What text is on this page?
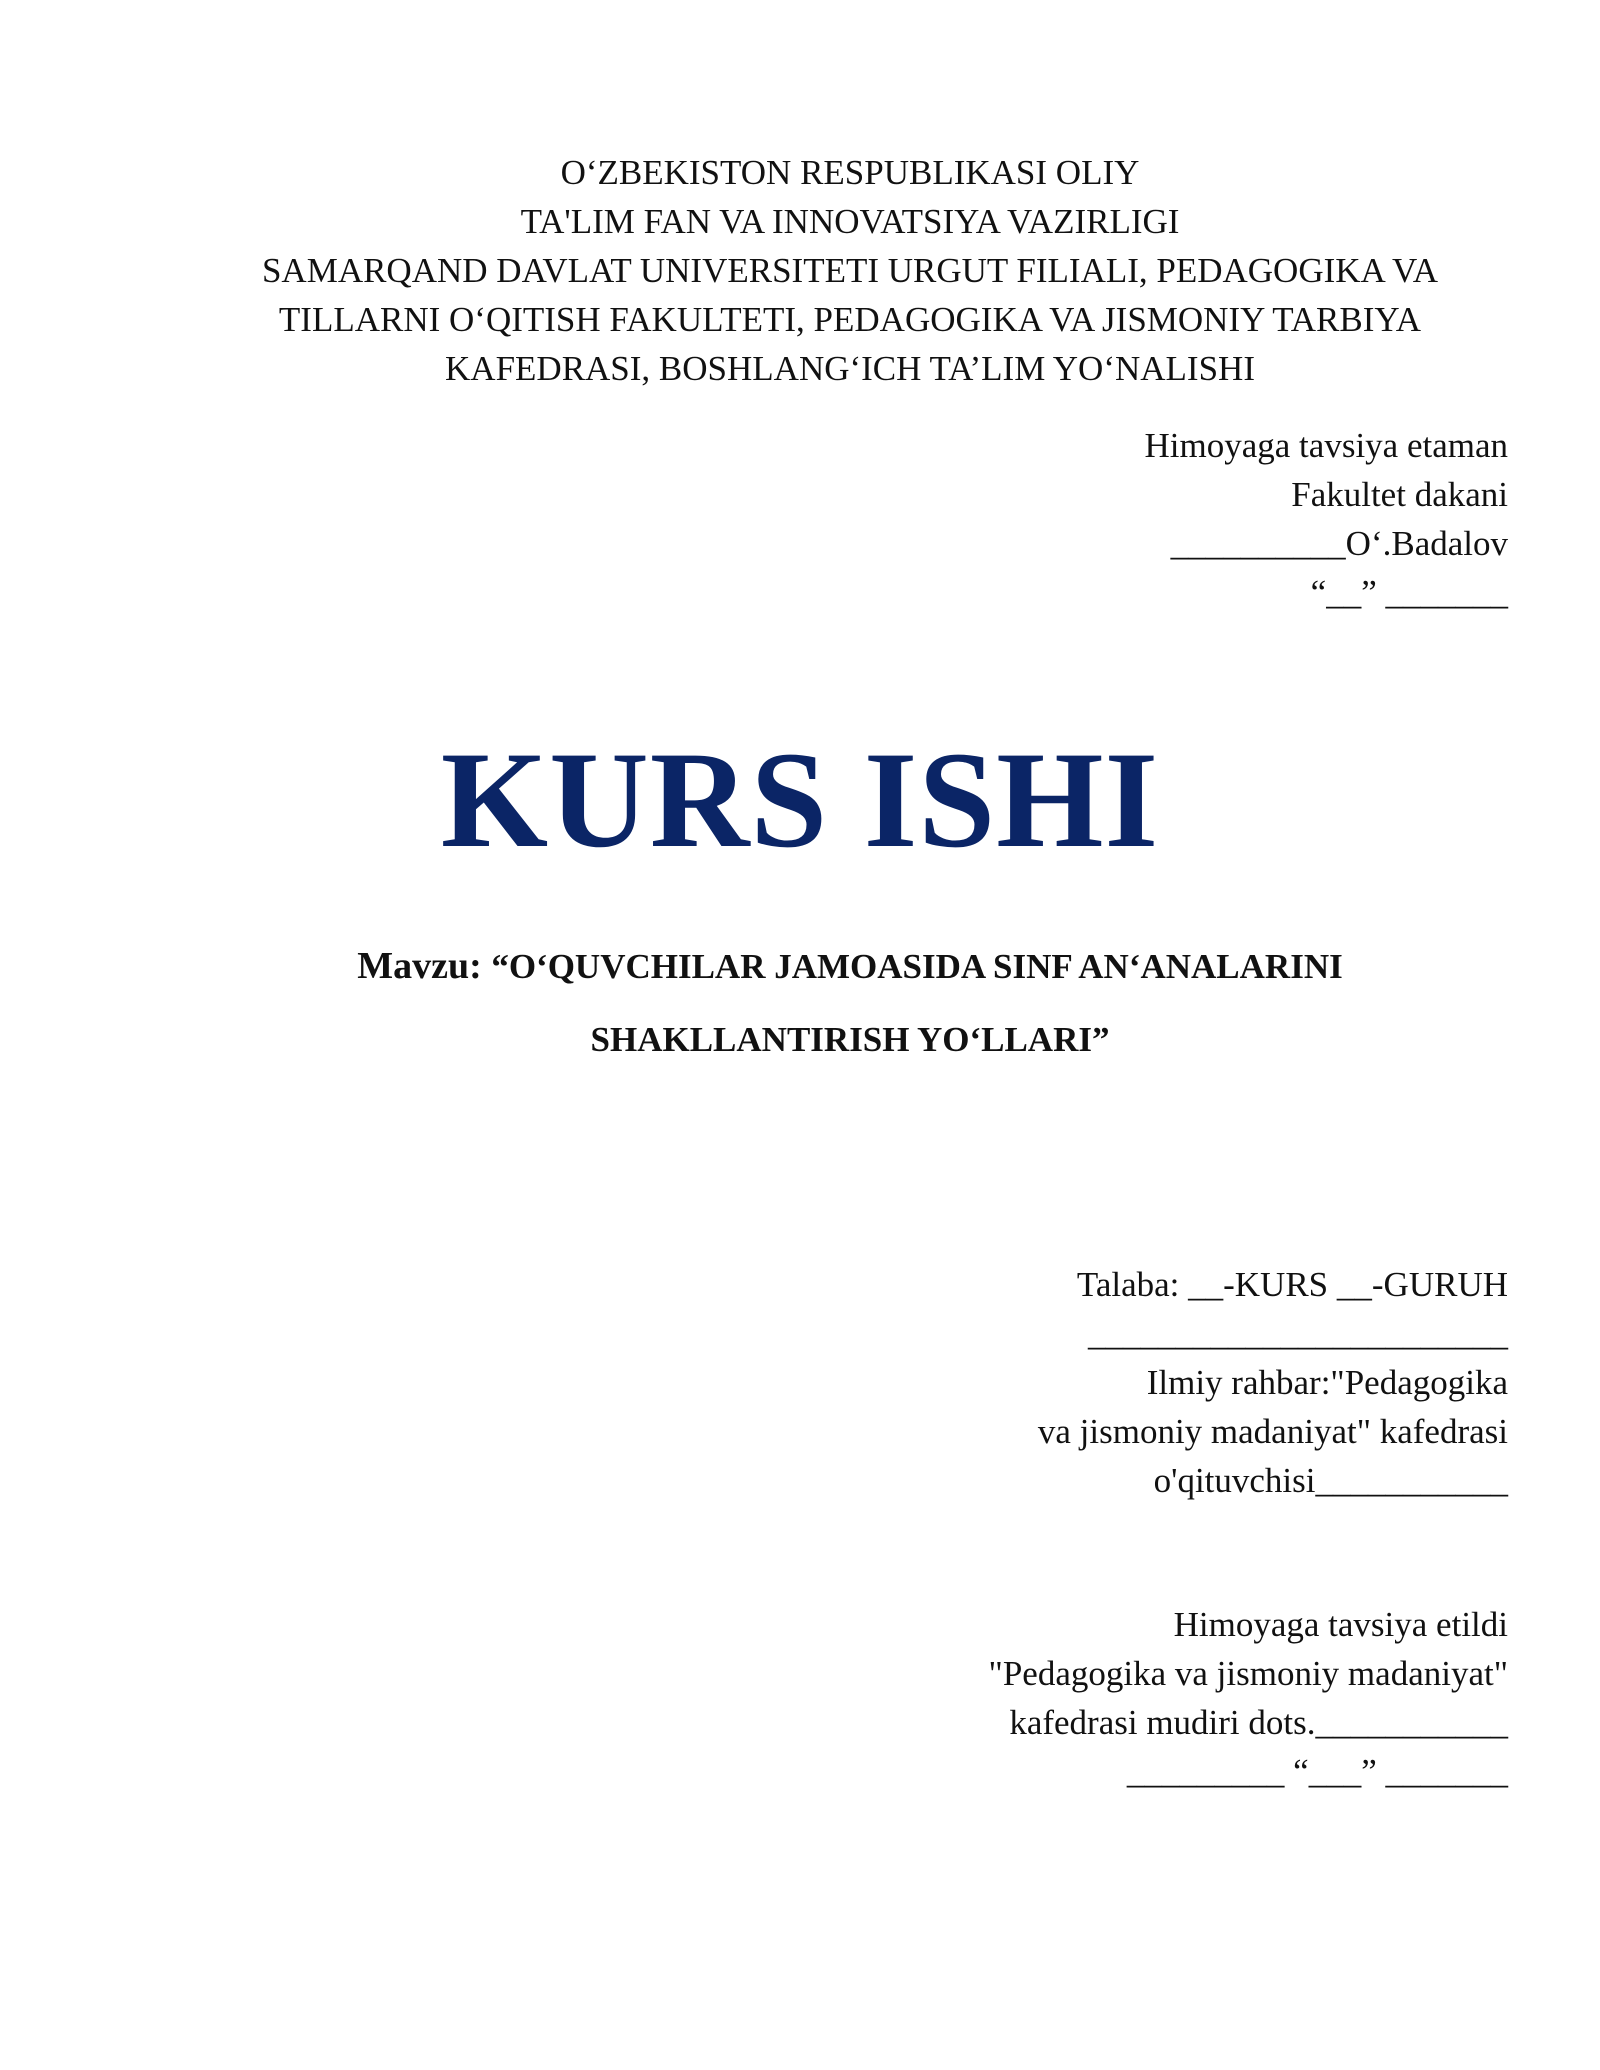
O‘ZBEKISTON RESPUBLIKASI OLIY
TA'LIM FAN VA INNOVATSIYA VAZIRLIGI
SAMARQAND DAVLAT UNIVERSITETI URGUT FILIALI, PEDAGOGIKA VA
TILLARNI O‘QITISH FAKULTETI, PEDAGOGIKA VA JISMONIY TARBIYA
KAFEDRASI, BOSHLANG‘ICH TA’LIM YO‘NALISHI
Himoyaga tavsiya etaman
Fakultet dakani
__________O‘.Badalov
“__” _______
KURS ISHI
Mavzu: “O‘QUVCHILAR JAMOASIDA SINF AN‘ANALARINI
SHAKLLANTIRISH YO‘LLARI”
Talaba: __-KURS __-GURUH
________________________
Ilmiy rahbar:"Pedagogika
va jismoniy madaniyat" kafedrasi
o'qituvchisi___________
Himoyaga tavsiya etildi
"Pedagogika va jismoniy madaniyat"
kafedrasi mudiri dots.___________
_________ “___” _______
